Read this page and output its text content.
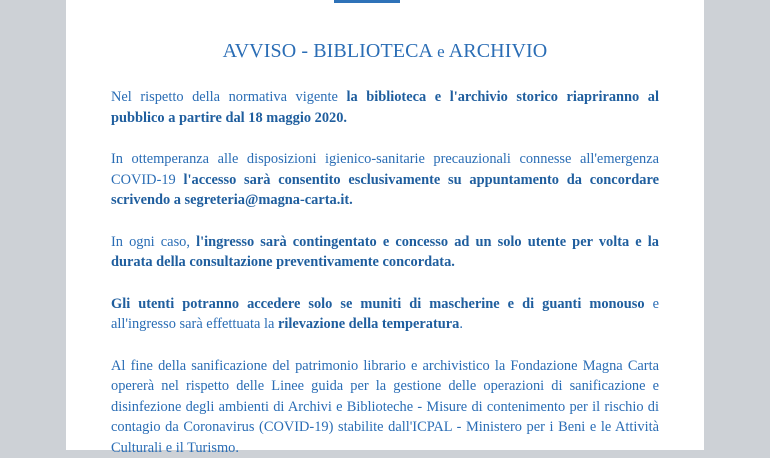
AVVISO - BIBLIOTECA e ARCHIVIO

Nel rispetto della normativa vigente la biblioteca e l'archivio storico riapriranno al pubblico a partire dal 18 maggio 2020.

In ottemperanza alle disposizioni igienico-sanitarie precauzionali connesse all'emergenza COVID-19 l'accesso sarà consentito esclusivamente su appuntamento da concordare scrivendo a segreteria@magna-carta.it.

In ogni caso, l'ingresso sarà contingentato e concesso ad un solo utente per volta e la durata della consultazione preventivamente concordata.

Gli utenti potranno accedere solo se muniti di mascherine e di guanti monouso e all'ingresso sarà effettuata la rilevazione della temperatura.

Al fine della sanificazione del patrimonio librario e archivistico la Fondazione Magna Carta opererà nel rispetto delle Linee guida per la gestione delle operazioni di sanificazione e disinfezione degli ambienti di Archivi e Biblioteche - Misure di contenimento per il rischio di contagio da Coronavirus (COVID-19) stabilite dall'ICPAL - Ministero per i Beni e le Attività Culturali e il Turismo.
